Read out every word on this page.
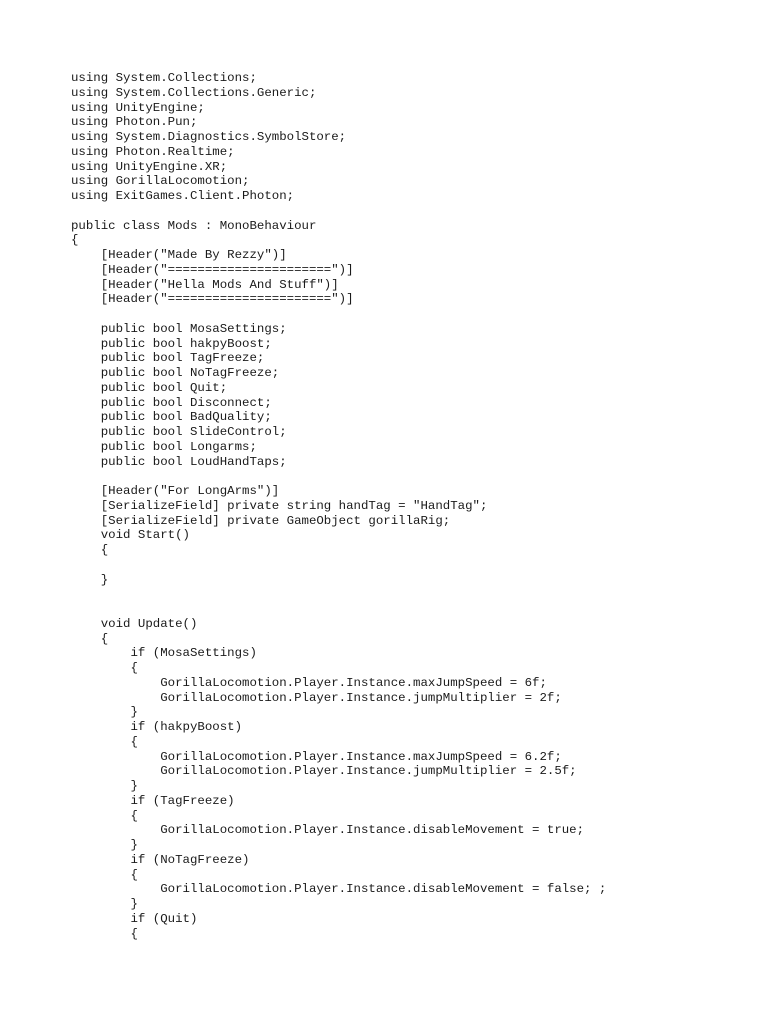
using System.Collections;
using System.Collections.Generic;
using UnityEngine;
using Photon.Pun;
using System.Diagnostics.SymbolStore;
using Photon.Realtime;
using UnityEngine.XR;
using GorillaLocomotion;
using ExitGames.Client.Photon;
public class Mods : MonoBehaviour
{
[Header("Made By Rezzy")]
[Header("======================")]
[Header("Hella Mods And Stuff")]
[Header("======================")]
public bool MosaSettings;
public bool hakpyBoost;
public bool TagFreeze;
public bool NoTagFreeze;
public bool Quit;
public bool Disconnect;
public bool BadQuality;
public bool SlideControl;
public bool Longarms;
public bool LoudHandTaps;
[Header("For LongArms")]
[SerializeField] private string handTag = "HandTag";
[SerializeField] private GameObject gorillaRig;
void Start()
{
}
void Update()
{
if (MosaSettings)
{
GorillaLocomotion.Player.Instance.maxJumpSpeed = 6f;
GorillaLocomotion.Player.Instance.jumpMultiplier = 2f;
}
if (hakpyBoost)
{
GorillaLocomotion.Player.Instance.maxJumpSpeed = 6.2f;
GorillaLocomotion.Player.Instance.jumpMultiplier = 2.5f;
}
if (TagFreeze)
{
GorillaLocomotion.Player.Instance.disableMovement = true;
}
if (NoTagFreeze)
{
GorillaLocomotion.Player.Instance.disableMovement = false; ;
}
if (Quit)
{
